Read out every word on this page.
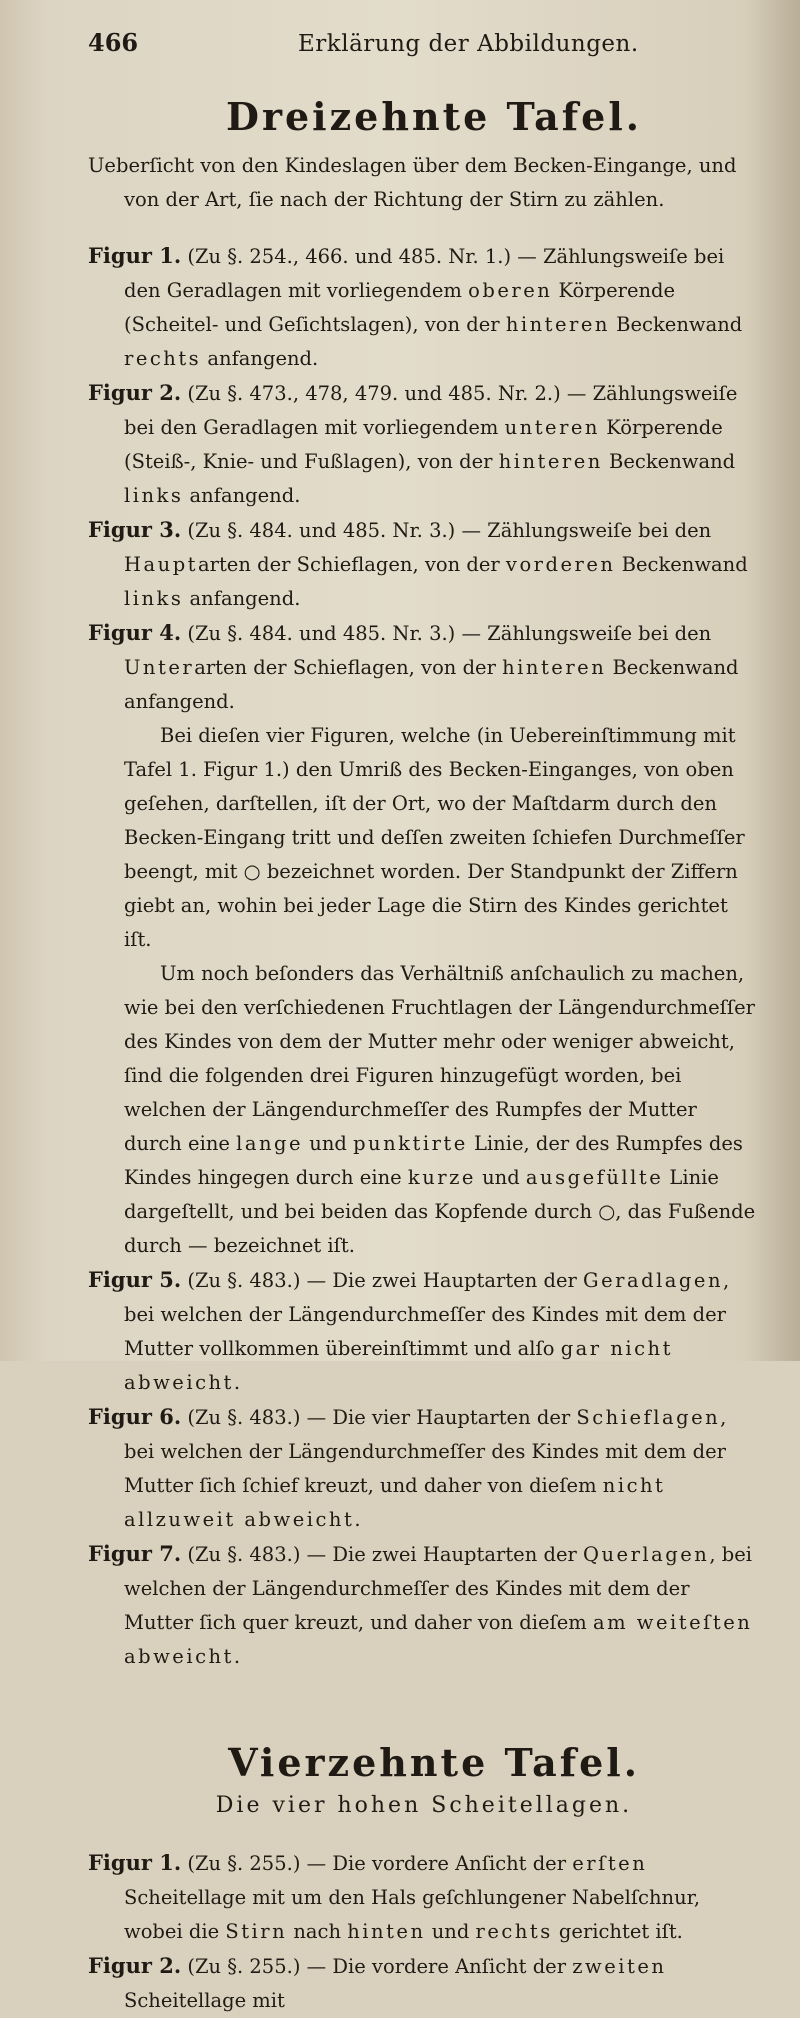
466	Erklärung der Abbildungen.
Dreizehnte Tafel.

Ueberſicht von den Kindeslagen über dem Becken-Eingange, und von der Art, ſie nach der Richtung der Stirn zu zählen.

Figur 1. (Zu §. 254., 466. und 485. Nr. 1.) — Zählungsweiſe bei den Geradlagen mit vorliegendem oberen Körperende (Scheitel- und Geſichtslagen), von der hinteren Beckenwand rechts anfangend.

Figur 2. (Zu §. 473., 478, 479. und 485. Nr. 2.) — Zählungsweiſe bei den Geradlagen mit vorliegendem unteren Körperende (Steiß-, Knie- und Fußlagen), von der hinteren Beckenwand links anfangend.

Figur 3. (Zu §. 484. und 485. Nr. 3.) — Zählungsweiſe bei den Hauptarten der Schieflagen, von der vorderen Beckenwand links anfangend.

Figur 4. (Zu §. 484. und 485. Nr. 3.) — Zählungsweiſe bei den Unterarten der Schieflagen, von der hinteren Beckenwand anfangend.

Bei dieſen vier Figuren, welche (in Uebereinſtimmung mit Tafel 1. Figur 1.) den Umriß des Becken-Einganges, von oben geſehen, darſtellen, iſt der Ort, wo der Maſtdarm durch den Becken-Eingang tritt und deſſen zweiten ſchiefen Durchmeſſer beengt, mit ○ bezeichnet worden. Der Standpunkt der Ziffern giebt an, wohin bei jeder Lage die Stirn des Kindes gerichtet iſt.

Um noch beſonders das Verhältniß anſchaulich zu machen, wie bei den verſchiedenen Fruchtlagen der Längendurchmeſſer des Kindes von dem der Mutter mehr oder weniger abweicht, ſind die folgenden drei Figuren hinzugefügt worden, bei welchen der Längendurchmeſſer des Rumpfes der Mutter durch eine lange und punktirte Linie, der des Rumpfes des Kindes hingegen durch eine kurze und ausgefüllte Linie dargeſtellt, und bei beiden das Kopfende durch ○, das Fußende durch — bezeichnet iſt.

Figur 5. (Zu §. 483.) — Die zwei Hauptarten der Geradlagen, bei welchen der Längendurchmeſſer des Kindes mit dem der Mutter vollkommen übereinſtimmt und alſo gar nicht abweicht.

Figur 6. (Zu §. 483.) — Die vier Hauptarten der Schieflagen, bei welchen der Längendurchmeſſer des Kindes mit dem der Mutter ſich ſchief kreuzt, und daher von dieſem nicht allzuweit abweicht.

Figur 7. (Zu §. 483.) — Die zwei Hauptarten der Querlagen, bei welchen der Längendurchmeſſer des Kindes mit dem der Mutter ſich quer kreuzt, und daher von dieſem am weiteſten abweicht.

Vierzehnte Tafel.

Die vier hohen Scheitellagen.

Figur 1. (Zu §. 255.) — Die vordere Anſicht der erſten Scheitellage mit um den Hals geſchlungener Nabelſchnur, wobei die Stirn nach hinten und rechts gerichtet iſt.

Figur 2. (Zu §. 255.) — Die vordere Anſicht der zweiten Scheitellage mit
